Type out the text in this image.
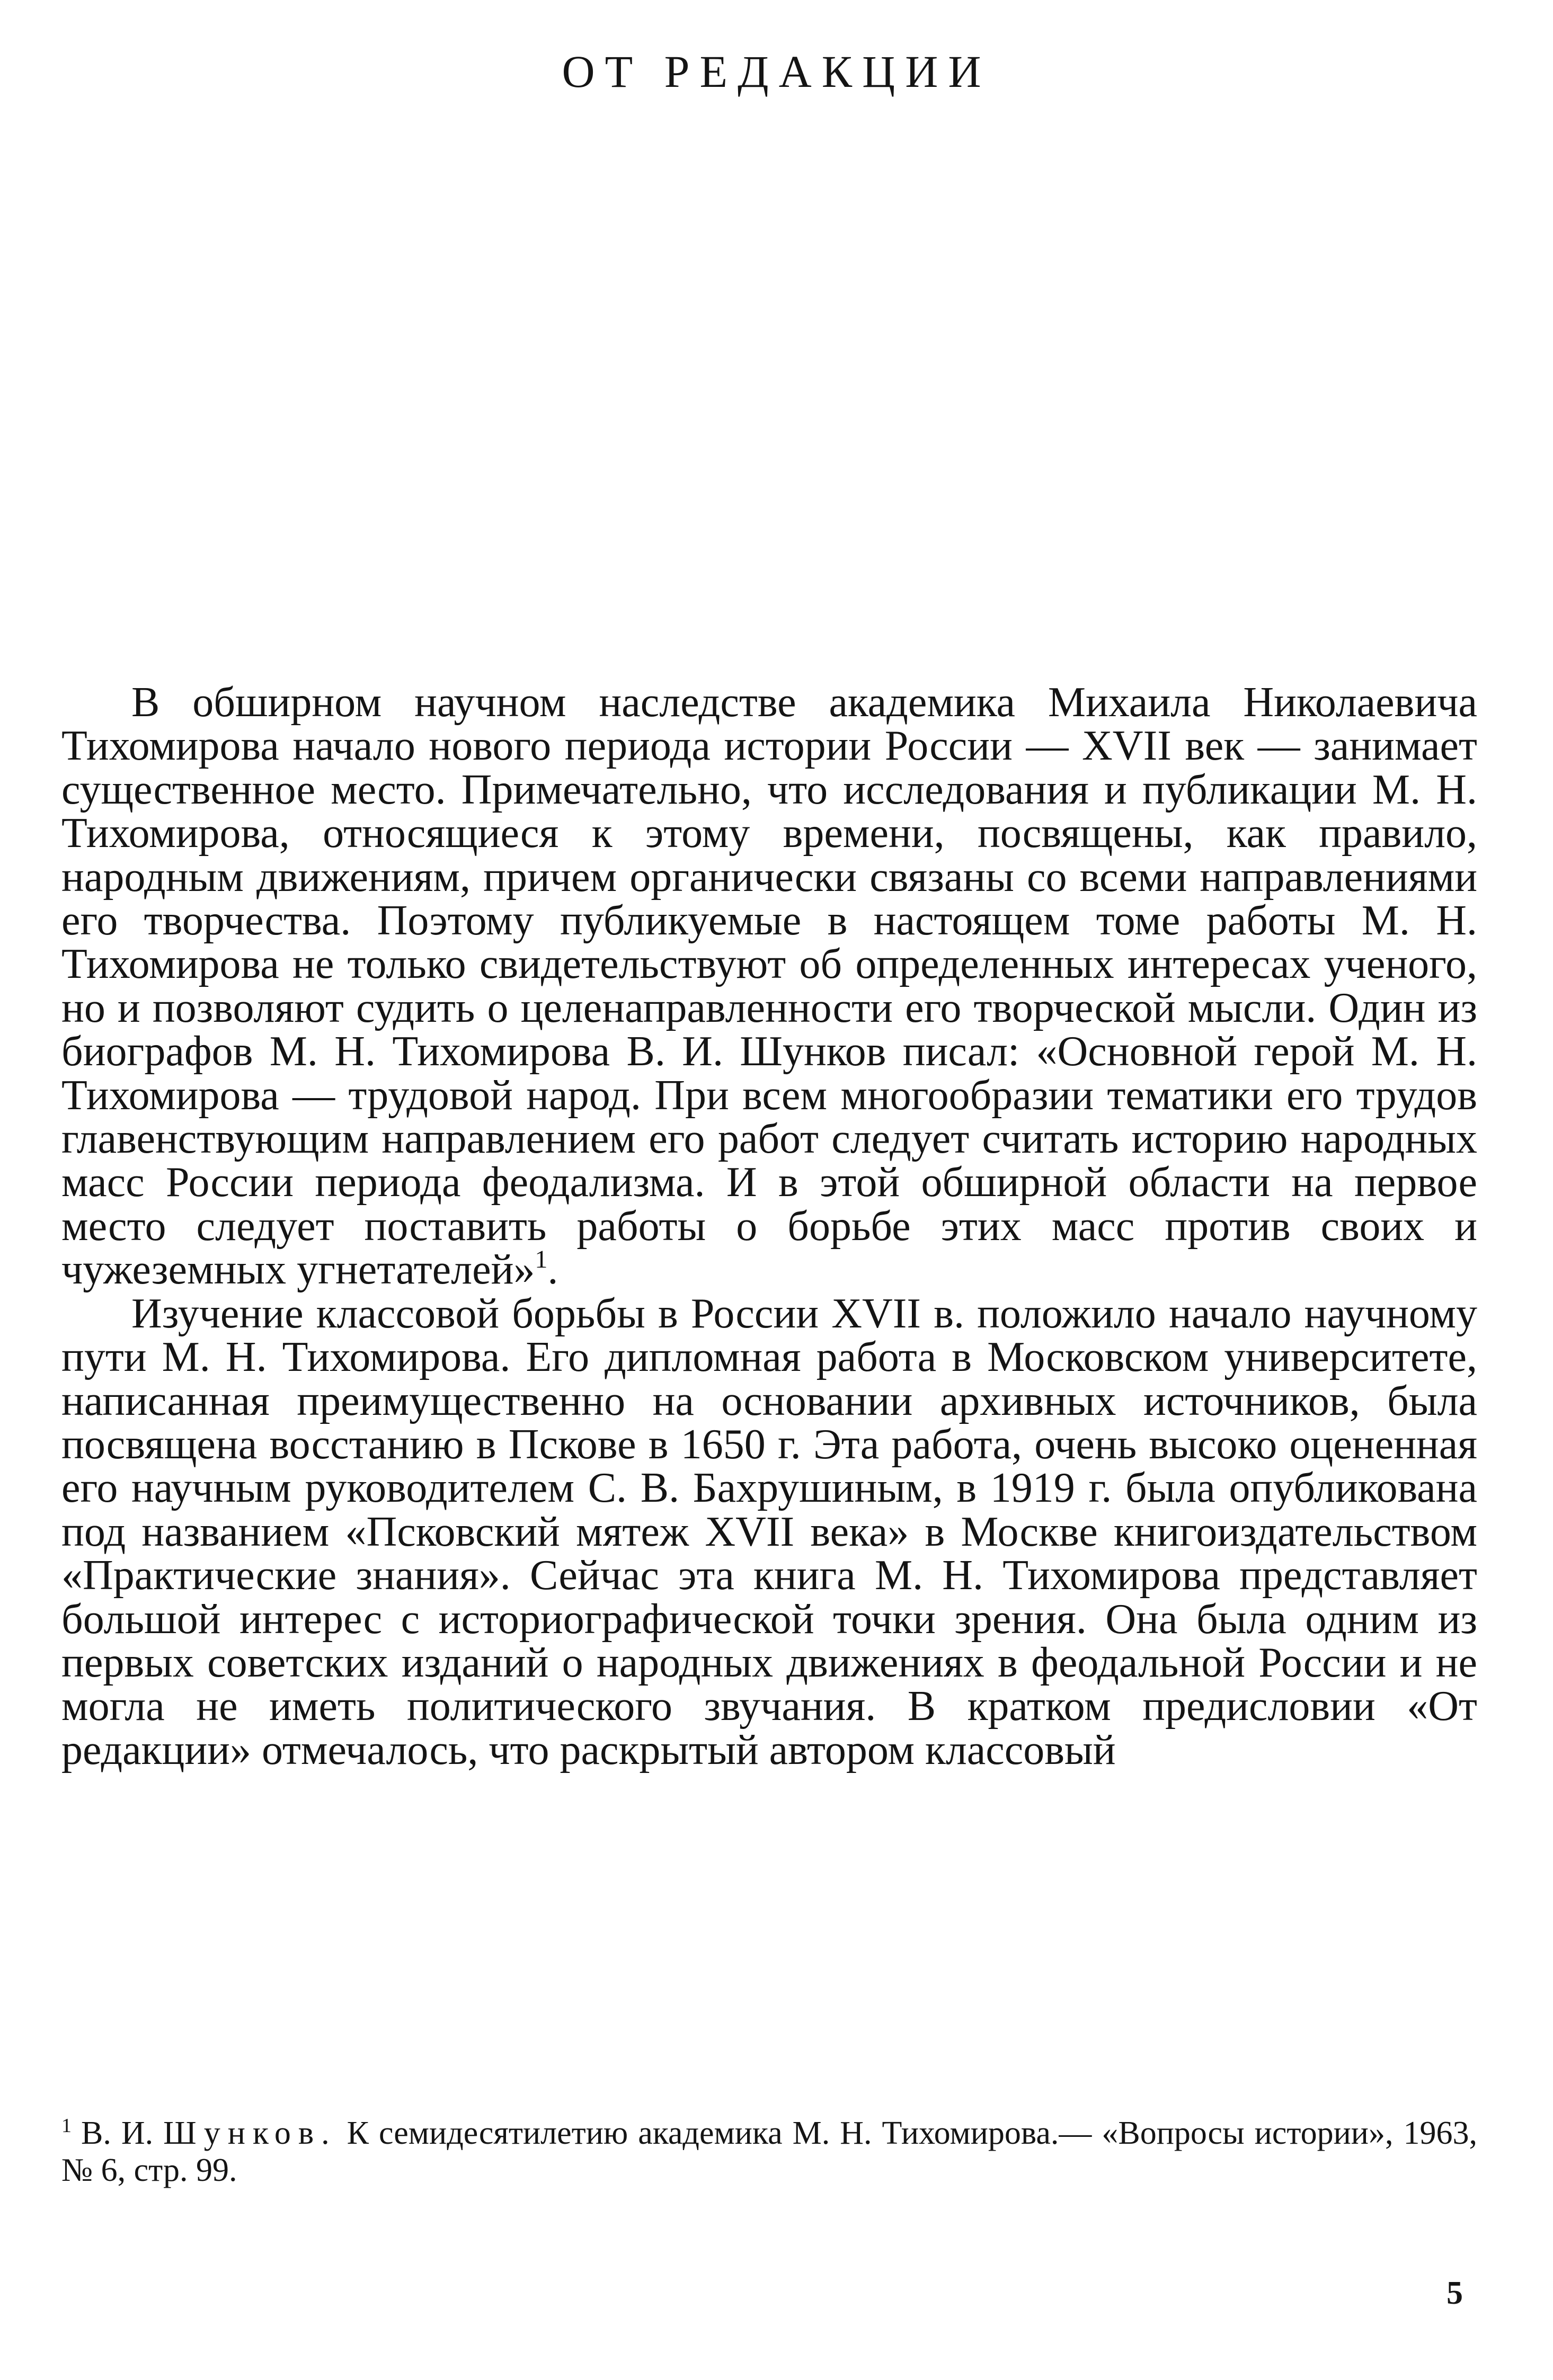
ОТ РЕДАКЦИИ

В обширном научном наследстве академика Михаила Николаевича Тихомирова начало нового периода истории России — XVII век — занимает существенное место. Примечательно, что исследования и публикации М. Н. Тихомирова, относящиеся к этому времени, посвящены, как правило, народным движениям, причем органически связаны со всеми направлениями его творчества. Поэтому публикуемые в настоящем томе работы М. Н. Тихомирова не только свидетельствуют об определенных интересах ученого, но и позволяют судить о целенаправленности его творческой мысли. Один из биографов М. Н. Тихомирова В. И. Шунков писал: «Основной герой М. Н. Тихомирова — трудовой народ. При всем многообразии тематики его трудов главенствующим направлением его работ следует считать историю народных масс России периода феодализма. И в этой обширной области на первое место следует поставить работы о борьбе этих масс против своих и чужеземных угнетателей»$^1$.

Изучение классовой борьбы в России XVII в. положило начало научному пути М. Н. Тихомирова. Его дипломная работа в Московском университете, написанная преимущественно на основании архивных источников, была посвящена восстанию в Пскове в 1650 г. Эта работа, очень высоко оцененная его научным руководителем С. В. Бахрушиным, в 1919 г. была опубликована под названием «Псковский мятеж XVII века» в Москве книгоиздательством «Практические знания». Сейчас эта книга М. Н. Тихомирова представляет большой интерес с историографической точки зрения. Она была одним из первых советских изданий о народных движениях в феодальной России и не могла не иметь политического звучания. В кратком предисловии «От редакции» отмечалось, что раскрытый автором классовый

$^1$ В. И. Шунков. К семидесятилетию академика М. Н. Тихомирова.— «Вопросы истории», 1963, № 6, стр. 99.

5
